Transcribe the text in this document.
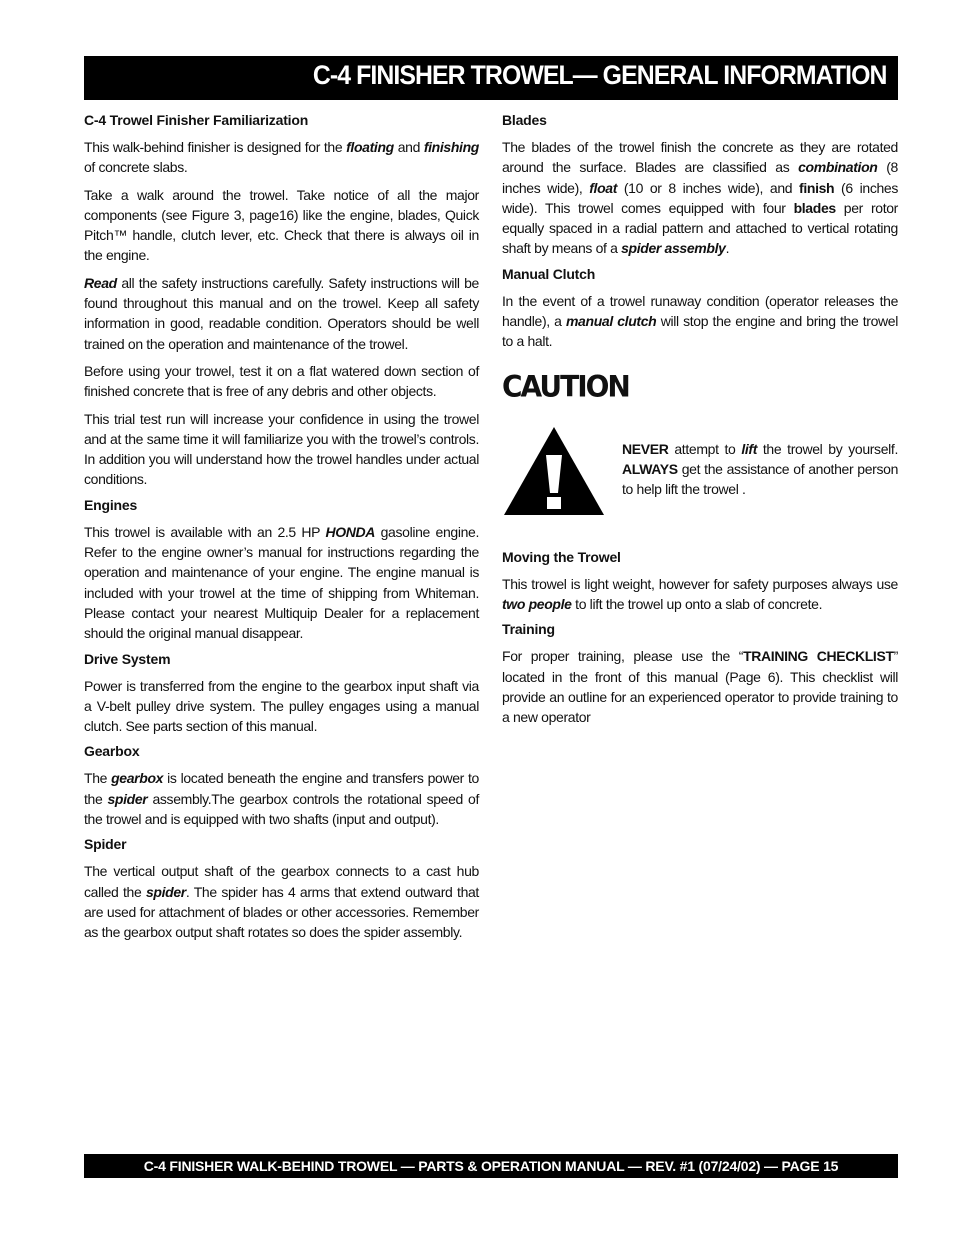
C-4 FINISHER TROWEL— GENERAL INFORMATION
C-4 Trowel Finisher Familiarization

This walk-behind finisher is designed for the floating and finishing of concrete slabs.

Take a walk around the trowel. Take notice of all the major components (see Figure 3, page16) like the engine, blades, Quick Pitch™ handle, clutch lever, etc. Check that there is always oil in the engine.

Read all the safety instructions carefully. Safety instructions will be found throughout this manual and on the trowel. Keep all safety information in good, readable condition. Operators should be well trained on the operation and maintenance of the trowel.

Before using your trowel, test it on a flat watered down section of finished concrete that is free of any debris and other objects.

This trial test run will increase your confidence in using the trowel and at the same time it will familiarize you with the trowel’s controls. In addition you will understand how the trowel handles under actual conditions.

Engines

This trowel is available with an 2.5 HP HONDA gasoline engine. Refer to the engine owner’s manual for instructions regarding the operation and maintenance of your engine. The engine manual is included with your trowel at the time of shipping from Whiteman. Please contact your nearest Multiquip Dealer for a replacement should the original manual disappear.

Drive System

Power is transferred from the engine to the gearbox input shaft via a V-belt pulley drive system. The pulley engages using a manual clutch. See parts section of this manual.

Gearbox

The gearbox is located beneath the engine and transfers power to the spider assembly.The gearbox controls the rotational speed of the trowel and is equipped with two shafts (input and output).

Spider

The vertical output shaft of the gearbox connects to a cast hub called the spider. The spider has 4 arms that extend outward that are used for attachment of blades or other accessories. Remember as the gearbox output shaft rotates so does the spider assembly.

Blades

The blades of the trowel finish the concrete as they are rotated around the surface. Blades are classified as combination (8 inches wide), float (10 or 8 inches wide), and finish (6 inches wide). This trowel comes equipped with four blades per rotor equally spaced in a radial pattern and attached to vertical rotating shaft by means of a spider assembly.

Manual Clutch

In the event of a trowel runaway condition (operator releases the handle), a manual clutch will stop the engine and bring the trowel to a halt.

CAUTION
NEVER attempt to lift the trowel by yourself. ALWAYS get the assistance of another person to help lift the trowel .
Moving the Trowel

This trowel is light weight, however for safety purposes always use two people to lift the trowel up onto a slab of concrete.

Training

For proper training, please use the “TRAINING CHECKLIST” located in the front of this manual (Page 6). This checklist will provide an outline for an experienced operator to provide training to a new operator

C-4 FINISHER WALK-BEHIND TROWEL — PARTS & OPERATION MANUAL — REV. #1 (07/24/02) — PAGE 15
